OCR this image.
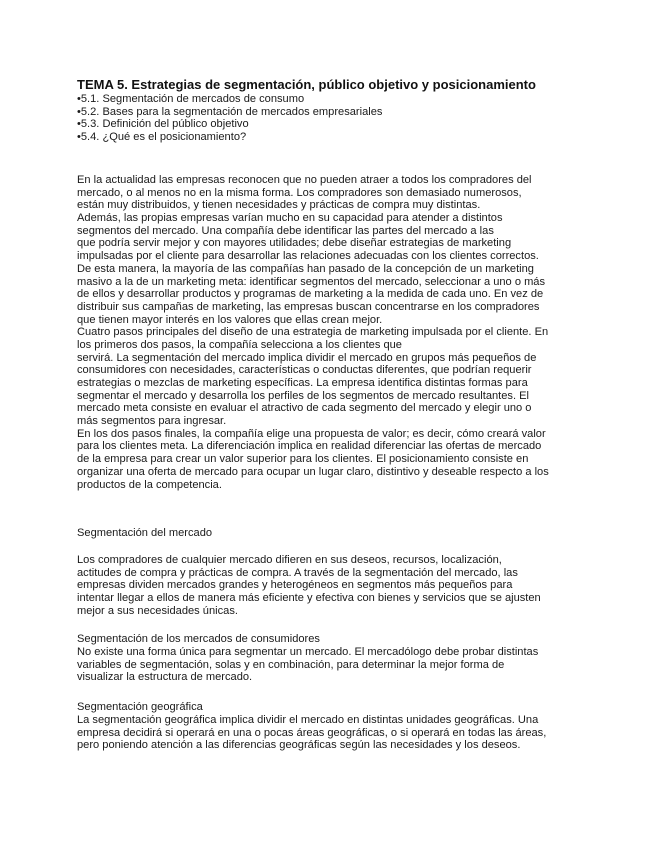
TEMA 5. Estrategias de segmentación, público objetivo y posicionamiento
•5.1. Segmentación de mercados de consumo
•5.2. Bases para la segmentación de mercados empresariales
•5.3. Definición del público objetivo
•5.4. ¿Qué es el posicionamiento?
En la actualidad las empresas reconocen que no pueden atraer a todos los compradores del
mercado, o al menos no en la misma forma. Los compradores son demasiado numerosos,
están muy distribuidos, y tienen necesidades y prácticas de compra muy distintas.
Además, las propias empresas varían mucho en su capacidad para atender a distintos
segmentos del mercado. Una compañía debe identificar las partes del mercado a las
que podría servir mejor y con mayores utilidades; debe diseñar estrategias de marketing
impulsadas por el cliente para desarrollar las relaciones adecuadas con los clientes correctos.
De esta manera, la mayoría de las compañías han pasado de la concepción de un marketing
masivo a la de un marketing meta: identificar segmentos del mercado, seleccionar a uno o más
de ellos y desarrollar productos y programas de marketing a la medida de cada uno. En vez de
distribuir sus campañas de marketing, las empresas buscan concentrarse en los compradores
que tienen mayor interés en los valores que ellas crean mejor.
Cuatro pasos principales del diseño de una estrategia de marketing impulsada por el cliente. En
los primeros dos pasos, la compañía selecciona a los clientes que
servirá. La segmentación del mercado implica dividir el mercado en grupos más pequeños de
consumidores con necesidades, características o conductas diferentes, que podrían requerir
estrategias o mezclas de marketing específicas. La empresa identifica distintas formas para
segmentar el mercado y desarrolla los perfiles de los segmentos de mercado resultantes. El
mercado meta consiste en evaluar el atractivo de cada segmento del mercado y elegir uno o
más segmentos para ingresar.
En los dos pasos finales, la compañía elige una propuesta de valor; es decir, cómo creará valor
para los clientes meta. La diferenciación implica en realidad diferenciar las ofertas de mercado
de la empresa para crear un valor superior para los clientes. El posicionamiento consiste en
organizar una oferta de mercado para ocupar un lugar claro, distintivo y deseable respecto a los
productos de la competencia.
Segmentación del mercado
Los compradores de cualquier mercado difieren en sus deseos, recursos, localización,
actitudes de compra y prácticas de compra. A través de la segmentación del mercado, las
empresas dividen mercados grandes y heterogéneos en segmentos más pequeños para
intentar llegar a ellos de manera más eficiente y efectiva con bienes y servicios que se ajusten
mejor a sus necesidades únicas.
Segmentación de los mercados de consumidores
No existe una forma única para segmentar un mercado. El mercadólogo debe probar distintas
variables de segmentación, solas y en combinación, para determinar la mejor forma de
visualizar la estructura de mercado.
Segmentación geográfica
La segmentación geográfica implica dividir el mercado en distintas unidades geográficas. Una
empresa decidirá si operará en una o pocas áreas geográficas, o si operará en todas las áreas,
pero poniendo atención a las diferencias geográficas según las necesidades y los deseos.
